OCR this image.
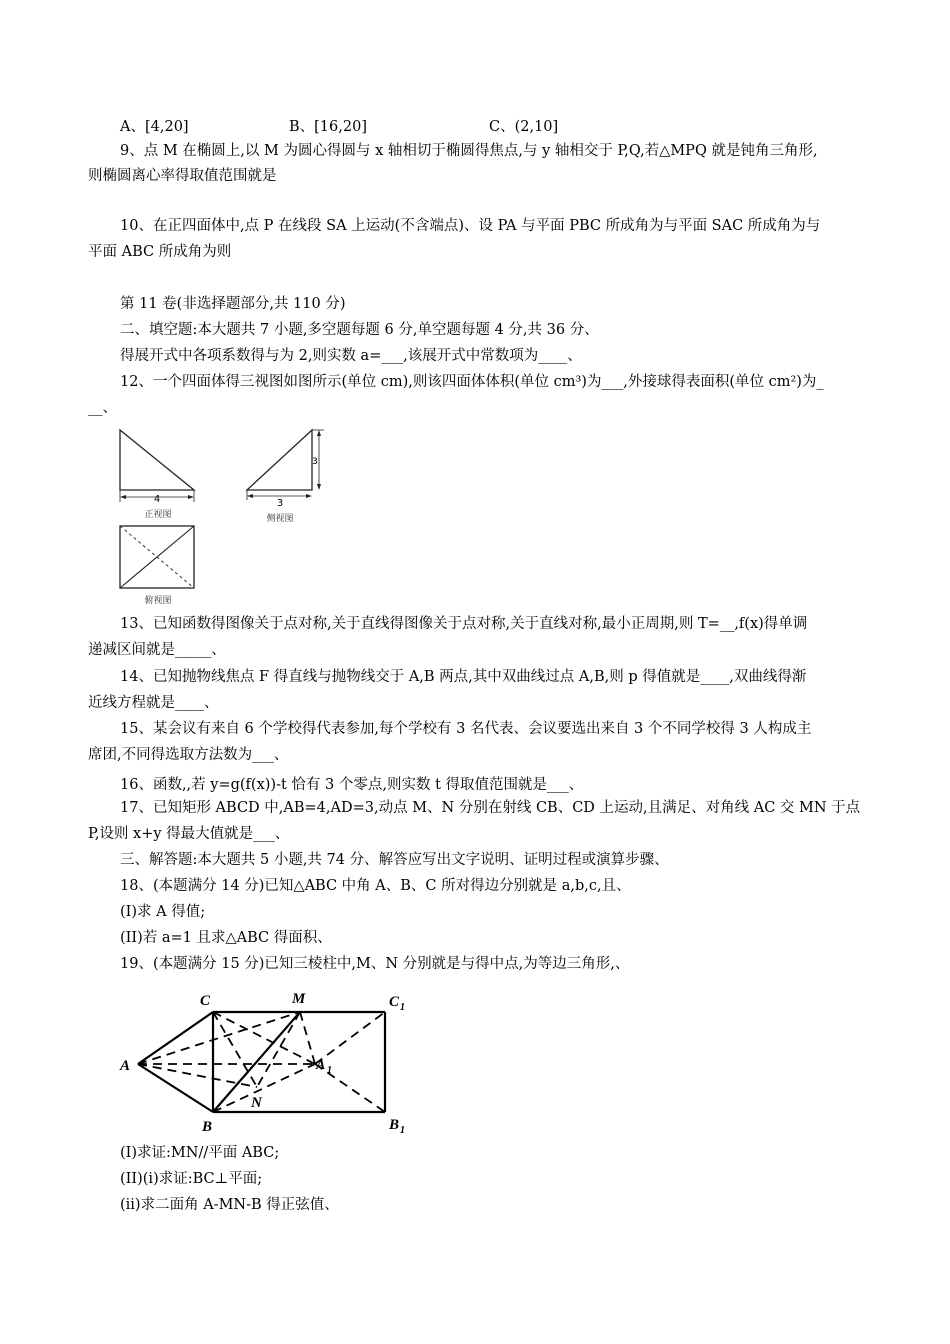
A、[4,20]	B、[16,20]	C、(2,10]
9、点 M 在椭圆上,以 M 为圆心得圆与 x 轴相切于椭圆得焦点,与 y 轴相交于 P,Q,若△MPQ 就是钝角三角形,
则椭圆离心率得取值范围就是
10、在正四面体中,点 P 在线段 SA 上运动(不含端点)、设 PA 与平面 PBC 所成角为与平面 SAC 所成角为与
平面 ABC 所成角为则
第 11 卷(非选择题部分,共 110 分)
二、填空题:本大题共 7 小题,多空题每题 6 分,单空题每题 4 分,共 36 分、
得展开式中各项系数得与为 2,则实数 a=___,该展开式中常数项为____、
12、一个四面体得三视图如图所示(单位 cm),则该四面体体积(单位 cm³)为___,外接球得表面积(单位 cm²)为_
__、
4
正视图
3
3
侧视图
俯视图
13、已知函数得图像关于点对称,关于直线得图像关于点对称,关于直线对称,最小正周期,则 T=__,f(x)得单调
递减区间就是_____、
14、已知抛物线焦点 F 得直线与抛物线交于 A,B 两点,其中双曲线过点 A,B,则 p 得值就是____,双曲线得渐
近线方程就是____、
15、某会议有来自 6 个学校得代表参加,每个学校有 3 名代表、会议要选出来自 3 个不同学校得 3 人构成主
席团,不同得选取方法数为___、
16、函数,,若 y=g(f(x))-t 恰有 3 个零点,则实数 t 得取值范围就是___、
17、已知矩形 ABCD 中,AB=4,AD=3,动点 M、N 分别在射线 CB、CD 上运动,且满足、对角线 AC 交 MN 于点
P,设则 x+y 得最大值就是___、
三、解答题:本大题共 5 小题,共 74 分、解答应写出文字说明、证明过程或演算步骤、
18、(本题满分 14 分)已知△ABC 中角 A、B、C 所对得边分别就是 a,b,c,且、
(I)求 A 得值;
(II)若 a=1 且求△ABC 得面积、
19、(本题满分 15 分)已知三棱柱中,M、N 分别就是与得中点,为等边三角形,、
A
B
C	M
N
A 1
B 1
C 1
(I)求证:MN//平面 ABC;
(II)(i)求证:BC⊥平面;
(ii)求二面角 A-MN-B 得正弦值、
